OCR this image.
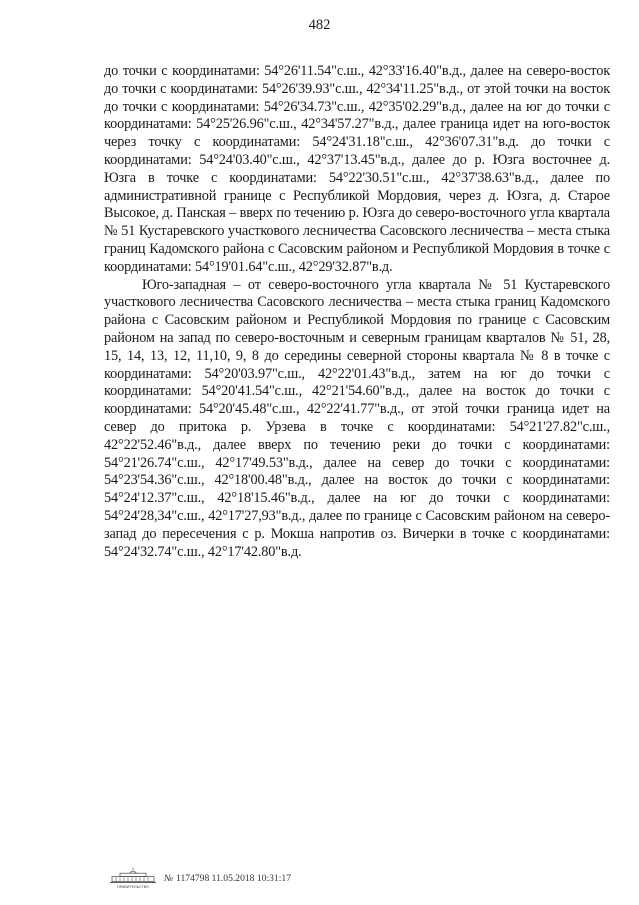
482

до точки с координатами: 54°26'11.54"с.ш., 42°33'16.40"в.д., далее на северо-восток до точки с координатами: 54°26'39.93"с.ш., 42°34'11.25"в.д., от этой точки на восток до точки с координатами: 54°26'34.73"с.ш., 42°35'02.29"в.д., далее на юг до точки с координатами: 54°25'26.96"с.ш., 42°34'57.27"в.д., далее граница идет на юго-восток через точку с координатами: 54°24'31.18"с.ш., 42°36'07.31"в.д. до точки с координатами: 54°24'03.40"с.ш., 42°37'13.45"в.д., далее до р. Юзга восточнее д. Юзга в точке с координатами: 54°22'30.51"с.ш., 42°37'38.63"в.д., далее по административной границе с Республикой Мордовия, через д. Юзга, д. Старое Высокое, д. Панская – вверх по течению р. Юзга до северо-восточного угла квартала № 51 Кустаревского участкового лесничества Сасовского лесничества – места стыка границ Кадомского района с Сасовским районом и Республикой Мордовия в точке с координатами: 54°19'01.64"с.ш., 42°29'32.87"в.д.

Юго-западная – от северо-восточного угла квартала № 51 Кустаревского участкового лесничества Сасовского лесничества – места стыка границ Кадомского района с Сасовским районом и Республикой Мордовия по границе с Сасовским районом на запад по северо-восточным и северным границам кварталов № 51, 28, 15, 14, 13, 12, 11,10, 9, 8 до середины северной стороны квартала № 8 в точке с координатами: 54°20'03.97"с.ш., 42°22'01.43"в.д., затем на юг до точки с координатами: 54°20'41.54"с.ш., 42°21'54.60"в.д., далее на восток до точки с координатами: 54°20'45.48"с.ш., 42°22'41.77"в.д., от этой точки граница идет на север до притока р. Урзева в точке с координатами: 54°21'27.82"с.ш., 42°22'52.46"в.д., далее вверх по течению реки до точки с координатами: 54°21'26.74"с.ш., 42°17'49.53"в.д., далее на север до точки с координатами: 54°23'54.36"с.ш., 42°18'00.48"в.д., далее на восток до точки с координатами: 54°24'12.37"с.ш., 42°18'15.46"в.д., далее на юг до точки с координатами: 54°24'28,34"с.ш., 42°17'27,93"в.д., далее по границе с Сасовским районом на северо-запад до пересечения с р. Мокша напротив оз. Вичерки в точке с координатами: 54°24'32.74"с.ш., 42°17'42.80"в.д.

ПРАВИТЕЛЬСТВО
№ 1174798 11.05.2018 10:31:17
